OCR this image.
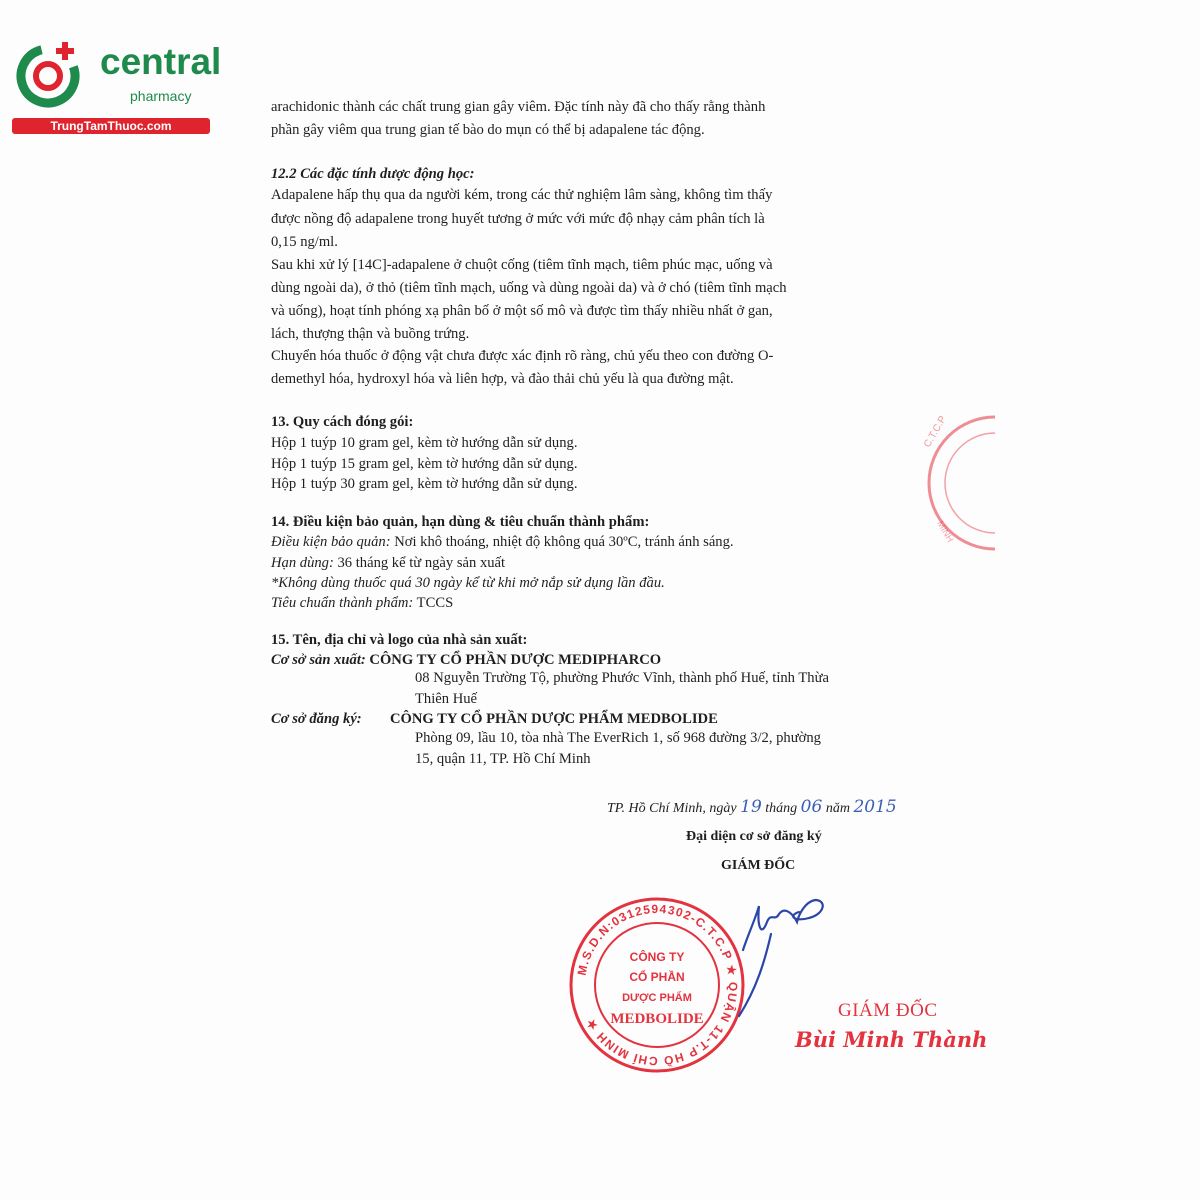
central
pharmacy
TrungTamThuoc.com
arachidonic thành các chất trung gian gây viêm. Đặc tính này đã cho thấy rằng thành
phần gây viêm qua trung gian tế bào do mụn có thể bị adapalene tác động.
12.2 Các đặc tính dược động học:
Adapalene hấp thụ qua da người kém, trong các thử nghiệm lâm sàng, không tìm thấy
được nồng độ adapalene trong huyết tương ở mức với mức độ nhạy cảm phân tích là
0,15 ng/ml.
Sau khi xử lý [14C]-adapalene ở chuột cống (tiêm tĩnh mạch, tiêm phúc mạc, uống và
dùng ngoài da), ở thỏ (tiêm tĩnh mạch, uống và dùng ngoài da) và ở chó (tiêm tĩnh mạch
và uống), hoạt tính phóng xạ phân bố ở một số mô và được tìm thấy nhiều nhất ở gan,
lách, thượng thận và buồng trứng.
Chuyển hóa thuốc ở động vật chưa được xác định rõ ràng, chủ yếu theo con đường O-
demethyl hóa, hydroxyl hóa và liên hợp, và đào thải chủ yếu là qua đường mật.
13. Quy cách đóng gói:
Hộp 1 tuýp 10 gram gel, kèm tờ hướng dẫn sử dụng.
Hộp 1 tuýp 15 gram gel, kèm tờ hướng dẫn sử dụng.
Hộp 1 tuýp 30 gram gel, kèm tờ hướng dẫn sử dụng.
14. Điều kiện bảo quản, hạn dùng & tiêu chuẩn thành phẩm:
Điều kiện bảo quản: Nơi khô thoáng, nhiệt độ không quá 30ºC, tránh ánh sáng.
Hạn dùng: 36 tháng kể từ ngày sản xuất
*Không dùng thuốc quá 30 ngày kể từ khi mở nắp sử dụng lần đầu.
Tiêu chuẩn thành phẩm: TCCS
15. Tên, địa chỉ và logo của nhà sản xuất:
Cơ sở sản xuất: CÔNG TY CỔ PHẦN DƯỢC MEDIPHARCO
08 Nguyễn Trường Tộ, phường Phước Vĩnh, thành phố Huế, tỉnh Thừa
Thiên Huế
Cơ sở đăng ký: CÔNG TY CỔ PHẦN DƯỢC PHẨM MEDBOLIDE
Phòng 09, lầu 10, tòa nhà The EverRich 1, số 968 đường 3/2, phường
15, quận 11, TP. Hồ Chí Minh
TP. Hồ Chí Minh, ngày 19 tháng 06 năm 2015
Đại diện cơ sở đăng ký
GIÁM ĐỐC
C.T.C.P
MINH
M.S.D.N:0312594302-C.T.C.P ★ QUẬN 11-T.P HỒ CHÍ MINH ★
CÔNG TY
CỔ PHẦN
DƯỢC PHẨM
MEDBOLIDE	GIÁM ĐỐC
Bùi Minh Thành
